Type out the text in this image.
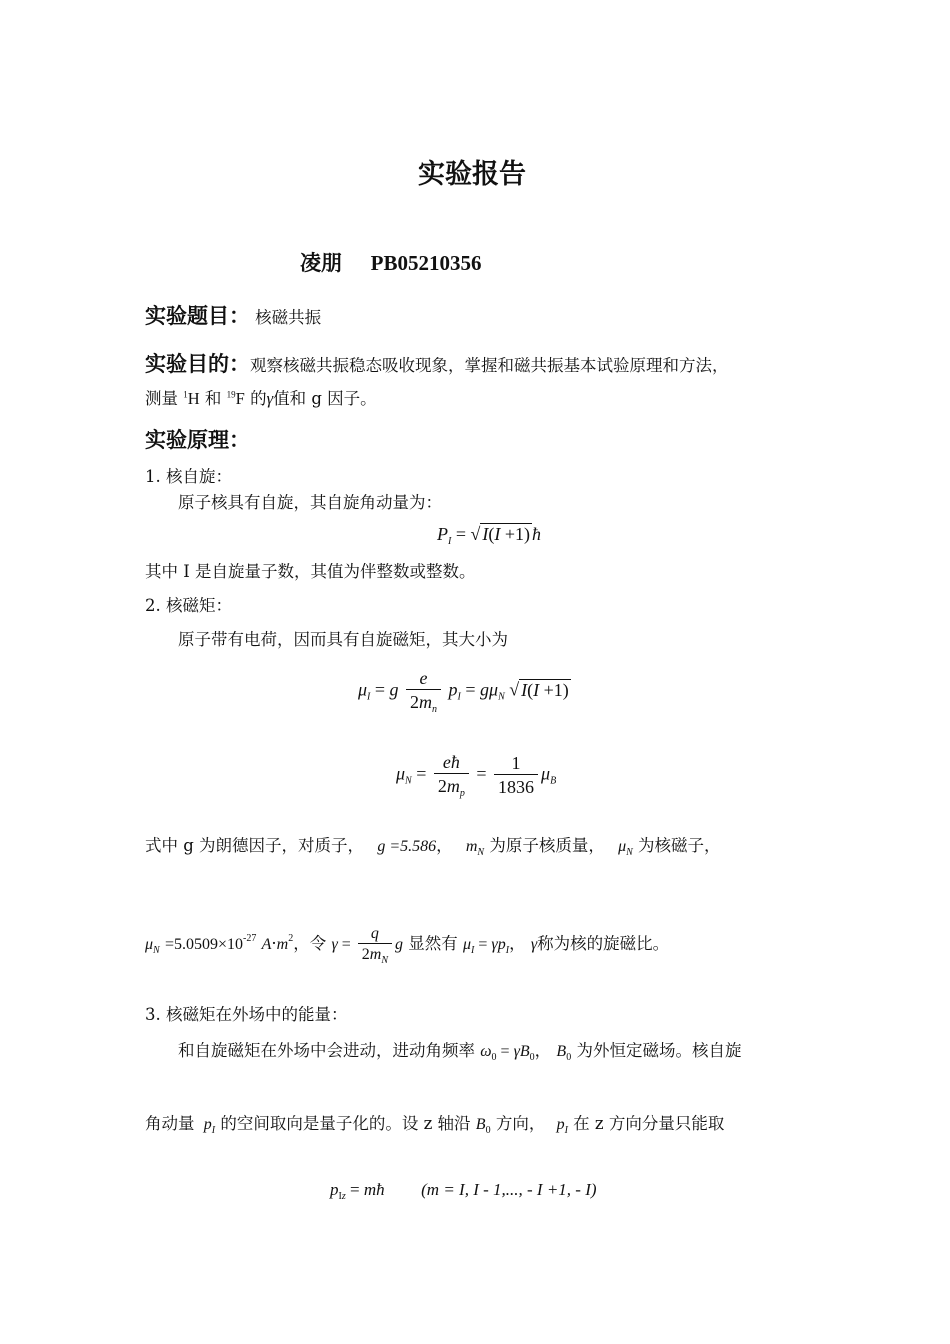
实验报告
凌朋 PB05210356
实验题目： 核磁共振
实验目的：观察核磁共振稳态吸收现象，掌握和磁共振基本试验原理和方法，
测量 $^1$H 和 $^{19}$F 的γ值和 g 因子。
实验原理：
1. 核自旋：
原子核具有自旋，其自旋角动量为：
$P_I$ = √ I(I +1) ħ
其中 I 是自旋量子数，其值为伴整数或整数。
2. 核磁矩：
原子带有电荷，因而具有自旋磁矩，其大小为
$\mu_I = g \frac{e}{2m_n} p_I = g\mu_N$ √ I(I +1)
$\mu_N = \frac{eħ}{2m_p} = \frac{1}{1836} \mu_B$
式中 g 为朗德因子，对质子， g =5.586， $m_N$ 为原子核质量， $\mu_N$ 为核磁子，
$\mu_N =5.0509\times 10^{-27}$ $A\cdot m^2$，令 $\gamma = \frac{q}{2m_N}$ g 显然有 $\mu_I = \gamma p_I$， γ称为核的旋磁比。
3. 核磁矩在外场中的能量：
和自旋磁矩在外场中会进动，进动角频率 $\omega_0 = \gamma B_0$， $B_0$ 为外恒定磁场。核自旋
角动量 $p_I$ 的空间取向是量子化的。设 z 轴沿 $B_0$ 方向， $p_I$ 在 z 方向分量只能取
$p_{Iz}$ = mħ (m = I, I - 1,..., - I +1, - I)
